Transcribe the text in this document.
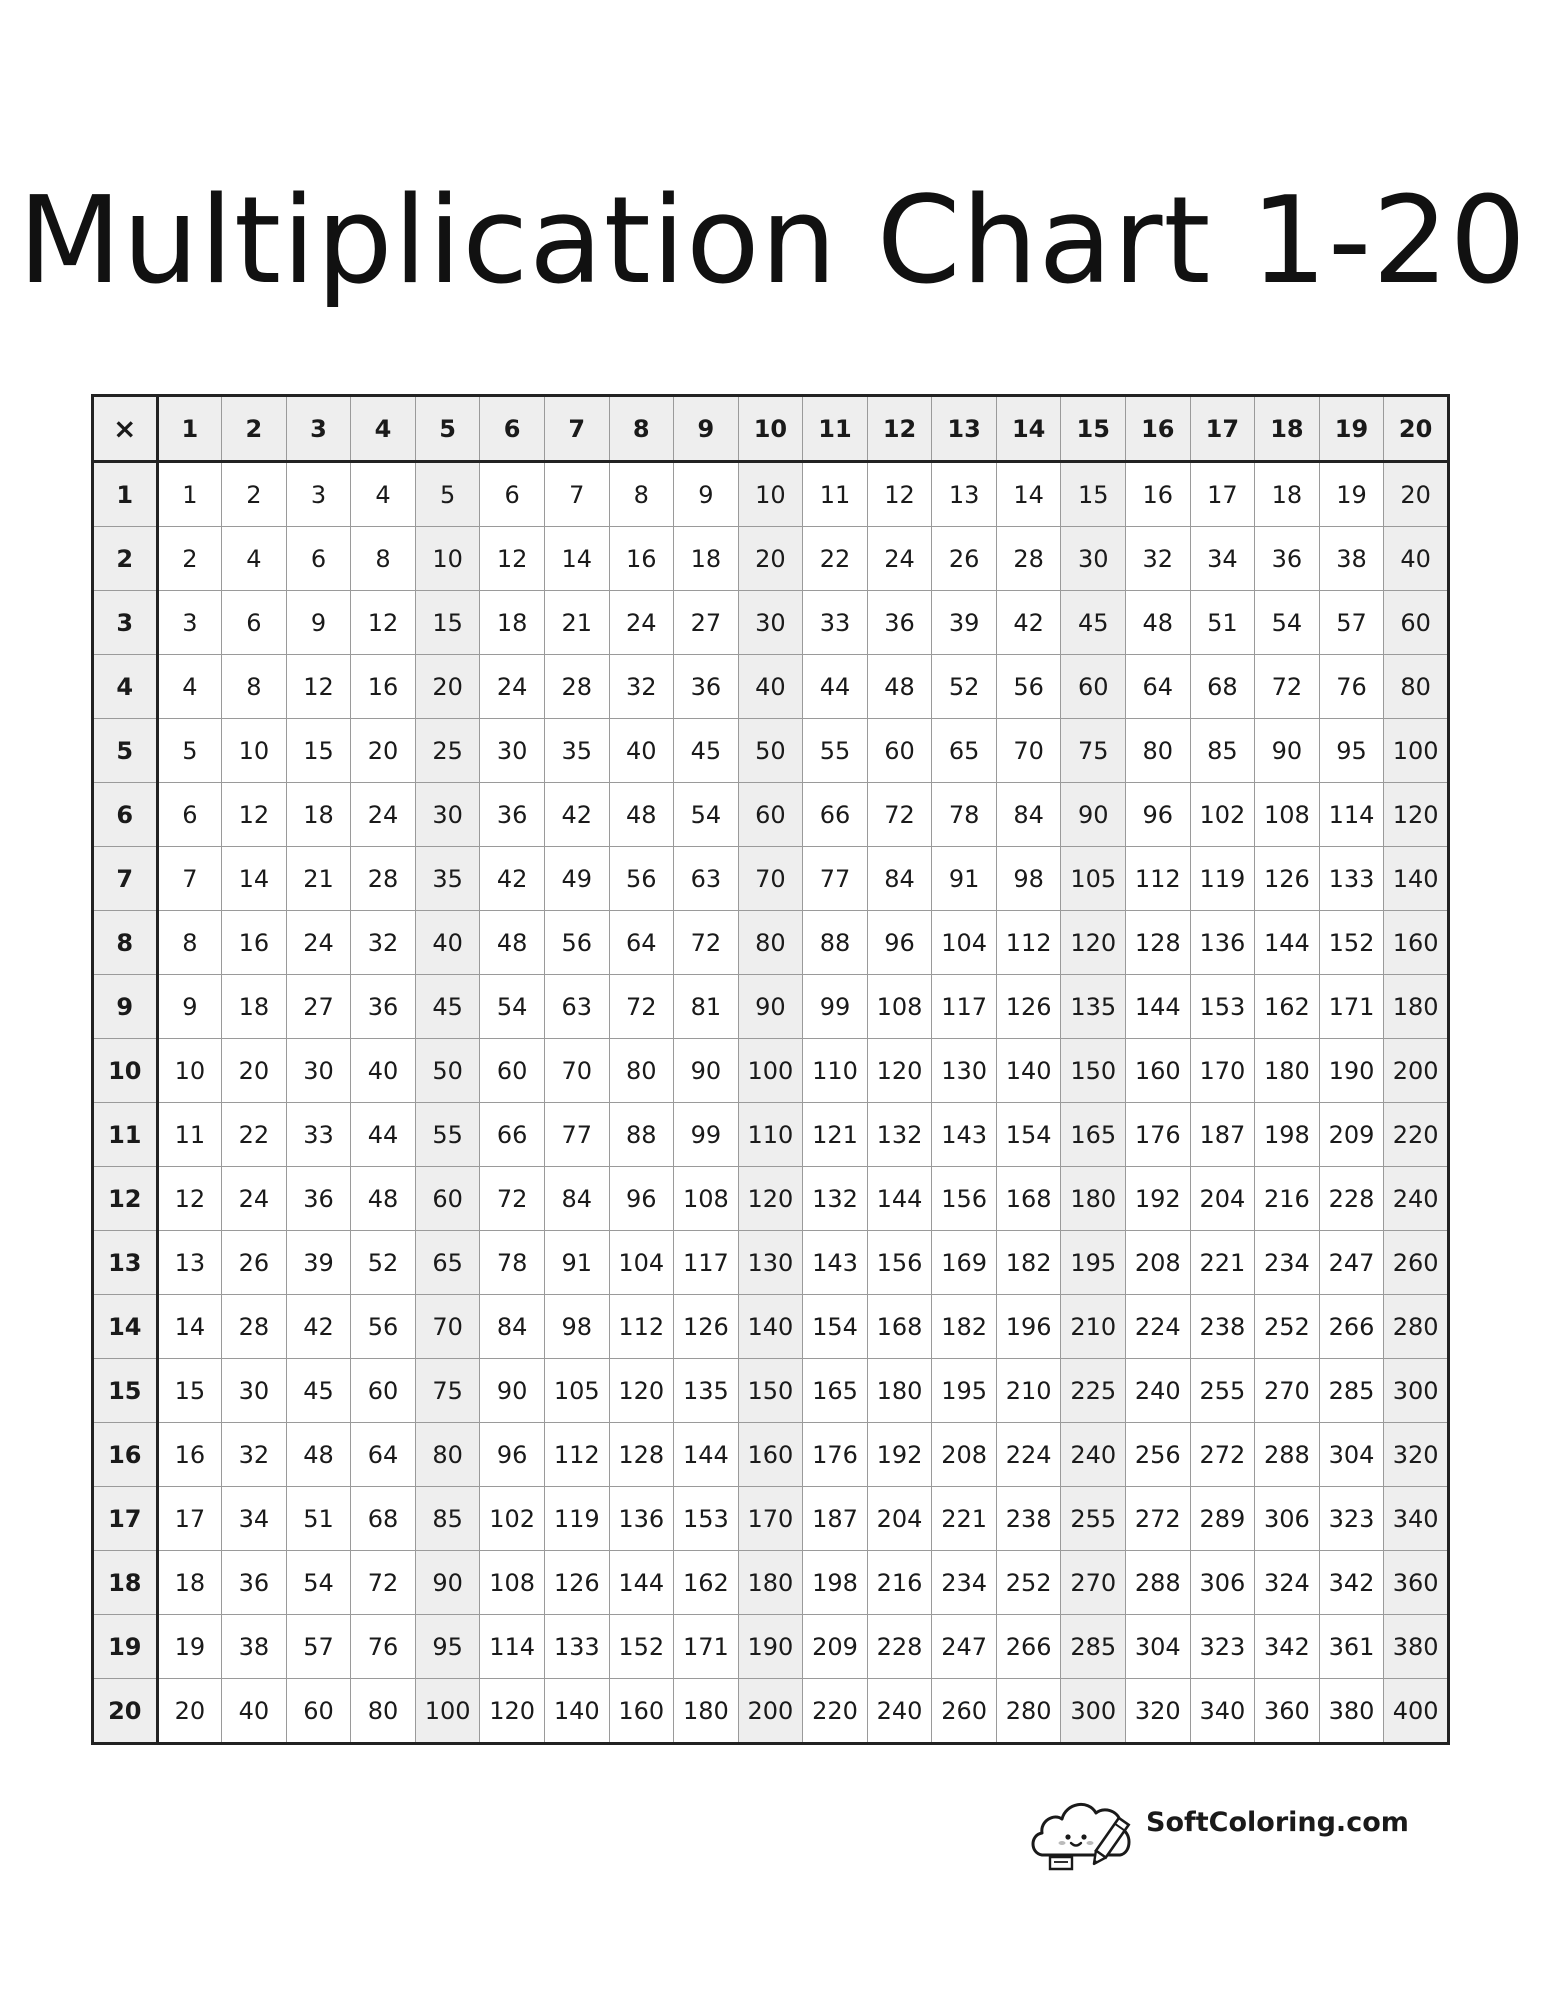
Multiplication Chart 1-20
×	1	2	3	4	5	6	7	8	9	10	11	12	13	14	15	16	17	18	19	20
1	1	2	3	4	5	6	7	8	9	10	11	12	13	14	15	16	17	18	19	20
2	2	4	6	8	10	12	14	16	18	20	22	24	26	28	30	32	34	36	38	40
3	3	6	9	12	15	18	21	24	27	30	33	36	39	42	45	48	51	54	57	60
4	4	8	12	16	20	24	28	32	36	40	44	48	52	56	60	64	68	72	76	80
5	5	10	15	20	25	30	35	40	45	50	55	60	65	70	75	80	85	90	95	100
6	6	12	18	24	30	36	42	48	54	60	66	72	78	84	90	96	102	108	114	120
7	7	14	21	28	35	42	49	56	63	70	77	84	91	98	105	112	119	126	133	140
8	8	16	24	32	40	48	56	64	72	80	88	96	104	112	120	128	136	144	152	160
9	9	18	27	36	45	54	63	72	81	90	99	108	117	126	135	144	153	162	171	180
10	10	20	30	40	50	60	70	80	90	100	110	120	130	140	150	160	170	180	190	200
11	11	22	33	44	55	66	77	88	99	110	121	132	143	154	165	176	187	198	209	220
12	12	24	36	48	60	72	84	96	108	120	132	144	156	168	180	192	204	216	228	240
13	13	26	39	52	65	78	91	104	117	130	143	156	169	182	195	208	221	234	247	260
14	14	28	42	56	70	84	98	112	126	140	154	168	182	196	210	224	238	252	266	280
15	15	30	45	60	75	90	105	120	135	150	165	180	195	210	225	240	255	270	285	300
16	16	32	48	64	80	96	112	128	144	160	176	192	208	224	240	256	272	288	304	320
17	17	34	51	68	85	102	119	136	153	170	187	204	221	238	255	272	289	306	323	340
18	18	36	54	72	90	108	126	144	162	180	198	216	234	252	270	288	306	324	342	360
19	19	38	57	76	95	114	133	152	171	190	209	228	247	266	285	304	323	342	361	380
20	20	40	60	80	100	120	140	160	180	200	220	240	260	280	300	320	340	360	380	400
SoftColoring.com
